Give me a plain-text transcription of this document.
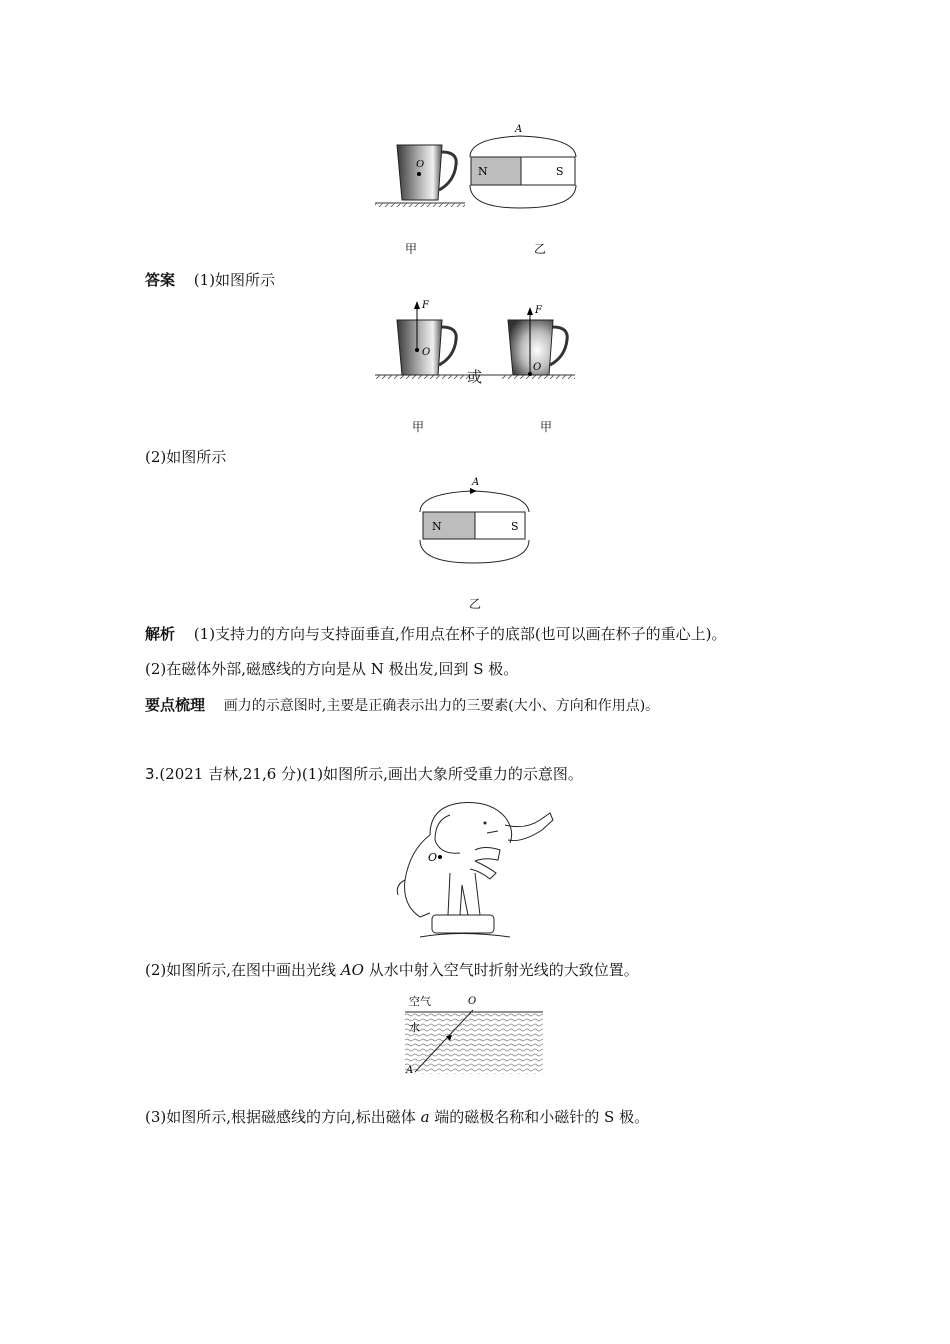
O
N	S
A
甲	乙
答案 (1)如图所示
F
O
F
O
或
甲	甲
(2)如图所示
N	S
A
乙
解析 (1)支持力的方向与支持面垂直,作用点在杯子的底部(也可以画在杯子的重心上)。
(2)在磁体外部,磁感线的方向是从 N 极出发,回到 S 极。
要点梳理 画力的示意图时,主要是正确表示出力的三要素(大小、方向和作用点)。
3.(2021 吉林,21,6 分)(1)如图所示,画出大象所受重力的示意图。
O
(2)如图所示,在图中画出光线 AO 从水中射入空气时折射光线的大致位置。
空气
水
O
A
(3)如图所示,根据磁感线的方向,标出磁体 a 端的磁极名称和小磁针的 S 极。
